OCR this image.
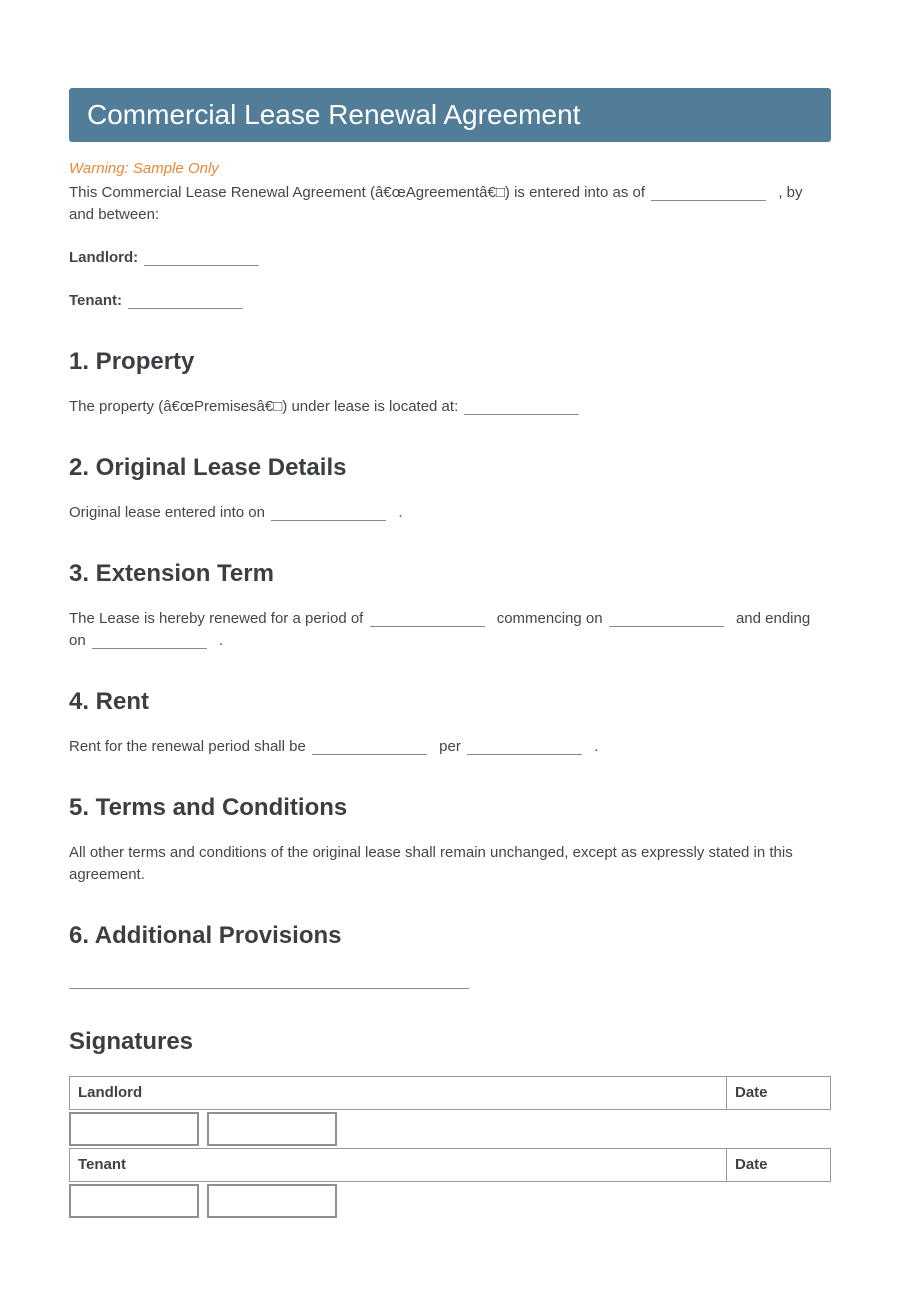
Commercial Lease Renewal Agreement

Warning: Sample Only

This Commercial Lease Renewal Agreement (â€œAgreementâ€□) is entered into as of	, by and between:

Landlord:

Tenant:

1. Property

The property (â€œPremisesâ€□) under lease is located at:

2. Original Lease Details

Original lease entered into on	.

3. Extension Term

The Lease is hereby renewed for a period of	commencing on	and ending on	.

4. Rent

Rent for the renewal period shall be	per	.

5. Terms and Conditions

All other terms and conditions of the original lease shall remain unchanged, except as expressly stated in this agreement.

6. Additional Provisions

Signatures
Landlord	Date

Tenant	Date
